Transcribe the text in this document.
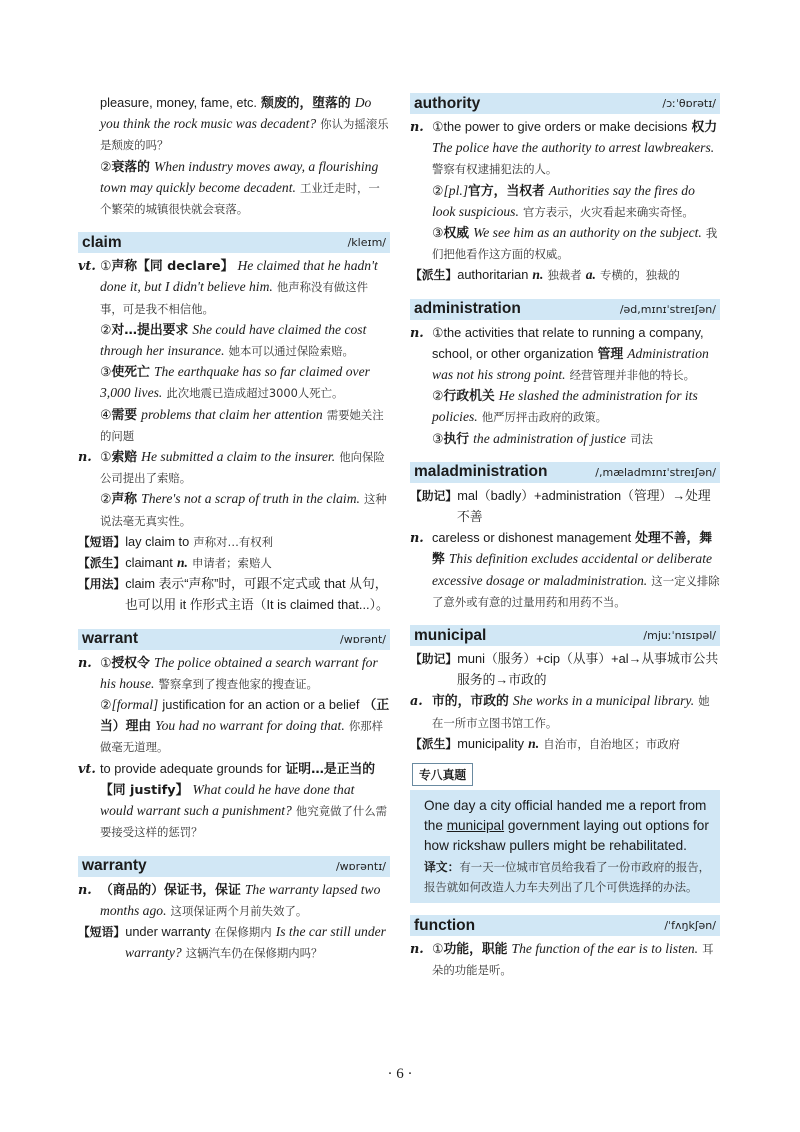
pleasure, money, fame, etc. 颓废的，堕落的 Do you think the rock music was decadent? 你认为摇滚乐是颓废的吗？

②衰落的 When industry moves away, a flourishing town may quickly become decadent. 工业迁走时，一个繁荣的城镇很快就会衰落。

claim	/kleɪm/

vt. ①声称【同 declare】 He claimed that he hadn't done it, but I didn't believe him. 他声称没有做这件事，可是我不相信他。

②对…提出要求 She could have claimed the cost through her insurance. 她本可以通过保险索赔。

③使死亡 The earthquake has so far claimed over 3,000 lives. 此次地震已造成超过3000人死亡。

④需要 problems that claim her attention 需要她关注的问题

n. ①索赔 He submitted a claim to the insurer. 他向保险公司提出了索赔。

②声称 There's not a scrap of truth in the claim. 这种说法毫无真实性。

【短语】lay claim to 声称对…有权利

【派生】claimant n. 申请者；索赔人

【用法】claim 表示“声称”时，可跟不定式或 that 从句，也可以用 it 作形式主语（It is claimed that...）。

warrant	/wɒrənt/

n. ①授权令 The police obtained a search warrant for his house. 警察拿到了搜查他家的搜查证。

②[formal] justification for an action or a belief （正当）理由 You had no warrant for doing that. 你那样做毫无道理。

vt. to provide adequate grounds for 证明…是正当的【同 justify】 What could he have done that would warrant such a punishment? 他究竟做了什么需要接受这样的惩罚？

warranty	/wɒrəntɪ/

n. （商品的）保证书，保证 The warranty lapsed two months ago. 这项保证两个月前失效了。

【短语】under warranty 在保修期内 Is the car still under warranty? 这辆汽车仍在保修期内吗？

authority	/ɔːˈθɒrətɪ/

n. ①the power to give orders or make decisions 权力 The police have the authority to arrest lawbreakers. 警察有权逮捕犯法的人。

②[pl.]官方，当权者 Authorities say the fires do look suspicious. 官方表示，火灾看起来确实奇怪。

③权威 We see him as an authority on the subject. 我们把他看作这方面的权威。

【派生】authoritarian n. 独裁者 a. 专横的，独裁的

administration	/əd,mɪnɪˈstreɪʃən/

n. ①the activities that relate to running a company, school, or other organization 管理 Administration was not his strong point. 经营管理并非他的特长。

②行政机关 He slashed the administration for its policies. 他严厉抨击政府的政策。

③执行 the administration of justice 司法

maladministration	/,mæladmɪnɪˈstreɪʃən/

【助记】mal（badly）+administration（管理）→处理不善

n. careless or dishonest management 处理不善，舞弊 This definition excludes accidental or deliberate excessive dosage or maladministration. 这一定义排除了意外或有意的过量用药和用药不当。

municipal	/mjuːˈnɪsɪpəl/

【助记】muni（服务）+cip（从事）+al→从事城市公共服务的→市政的

a. 市的，市政的 She works in a municipal library. 她在一所市立图书馆工作。

【派生】municipality n. 自治市，自治地区；市政府

专八真题
One day a city official handed me a report from the municipal government laying out options for how rickshaw pullers might be rehabilitated.
译文：有一天一位城市官员给我看了一份市政府的报告，报告就如何改造人力车夫列出了几个可供选择的办法。
function	/ˈfʌŋkʃən/

n. ①功能，职能 The function of the ear is to listen. 耳朵的功能是听。

· 6 ·
